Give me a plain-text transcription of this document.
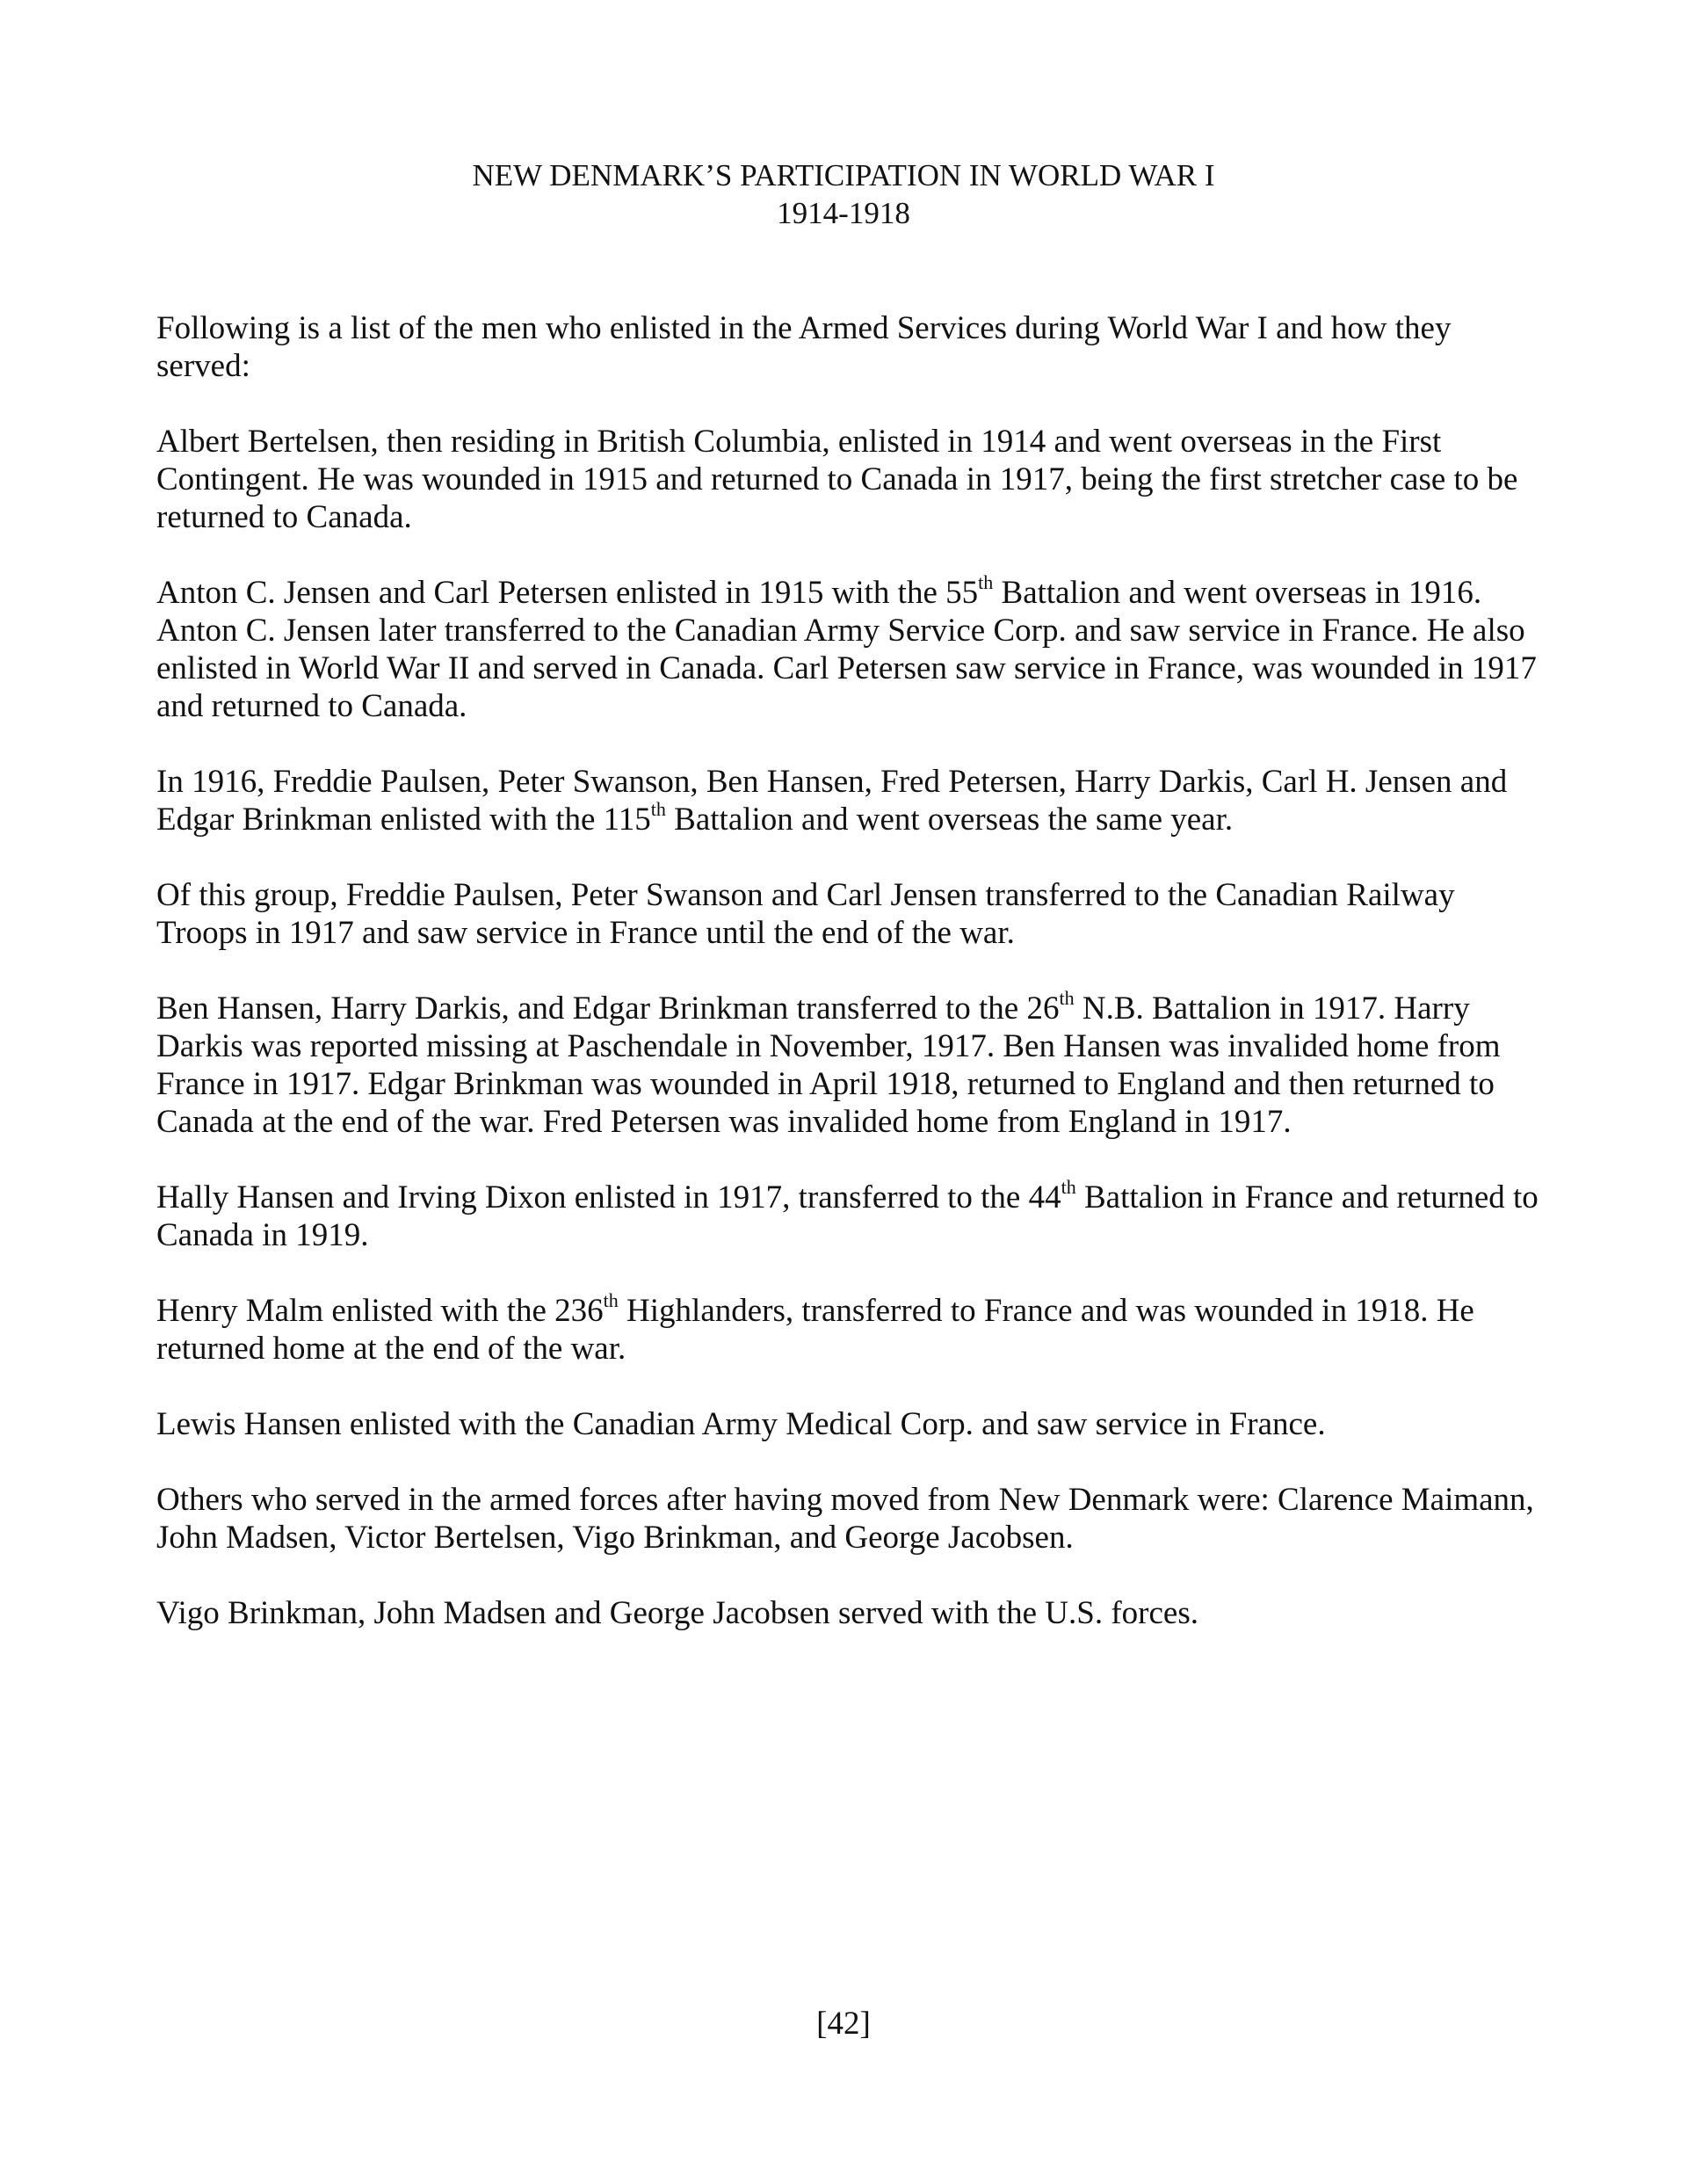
NEW DENMARK’S PARTICIPATION IN WORLD WAR I
1914-1918

Following is a list of the men who enlisted in the Armed Services during World War I and how they served:

Albert Bertelsen, then residing in British Columbia, enlisted in 1914 and went overseas in the First Contingent. He was wounded in 1915 and returned to Canada in 1917, being the first stretcher case to be returned to Canada.

Anton C. Jensen and Carl Petersen enlisted in 1915 with the 55th Battalion and went overseas in 1916. Anton C. Jensen later transferred to the Canadian Army Service Corp. and saw service in France. He also enlisted in World War II and served in Canada. Carl Petersen saw service in France, was wounded in 1917 and returned to Canada.

In 1916, Freddie Paulsen, Peter Swanson, Ben Hansen, Fred Petersen, Harry Darkis, Carl H. Jensen and Edgar Brinkman enlisted with the 115th Battalion and went overseas the same year.

Of this group, Freddie Paulsen, Peter Swanson and Carl Jensen transferred to the Canadian Railway Troops in 1917 and saw service in France until the end of the war.

Ben Hansen, Harry Darkis, and Edgar Brinkman transferred to the 26th N.B. Battalion in 1917. Harry Darkis was reported missing at Paschendale in November, 1917. Ben Hansen was invalided home from France in 1917. Edgar Brinkman was wounded in April 1918, returned to England and then returned to Canada at the end of the war. Fred Petersen was invalided home from England in 1917.

Hally Hansen and Irving Dixon enlisted in 1917, transferred to the 44th Battalion in France and returned to Canada in 1919.

Henry Malm enlisted with the 236th Highlanders, transferred to France and was wounded in 1918. He returned home at the end of the war.

Lewis Hansen enlisted with the Canadian Army Medical Corp. and saw service in France.

Others who served in the armed forces after having moved from New Denmark were: Clarence Maimann, John Madsen, Victor Bertelsen, Vigo Brinkman, and George Jacobsen.

Vigo Brinkman, John Madsen and George Jacobsen served with the U.S. forces.

[42]
